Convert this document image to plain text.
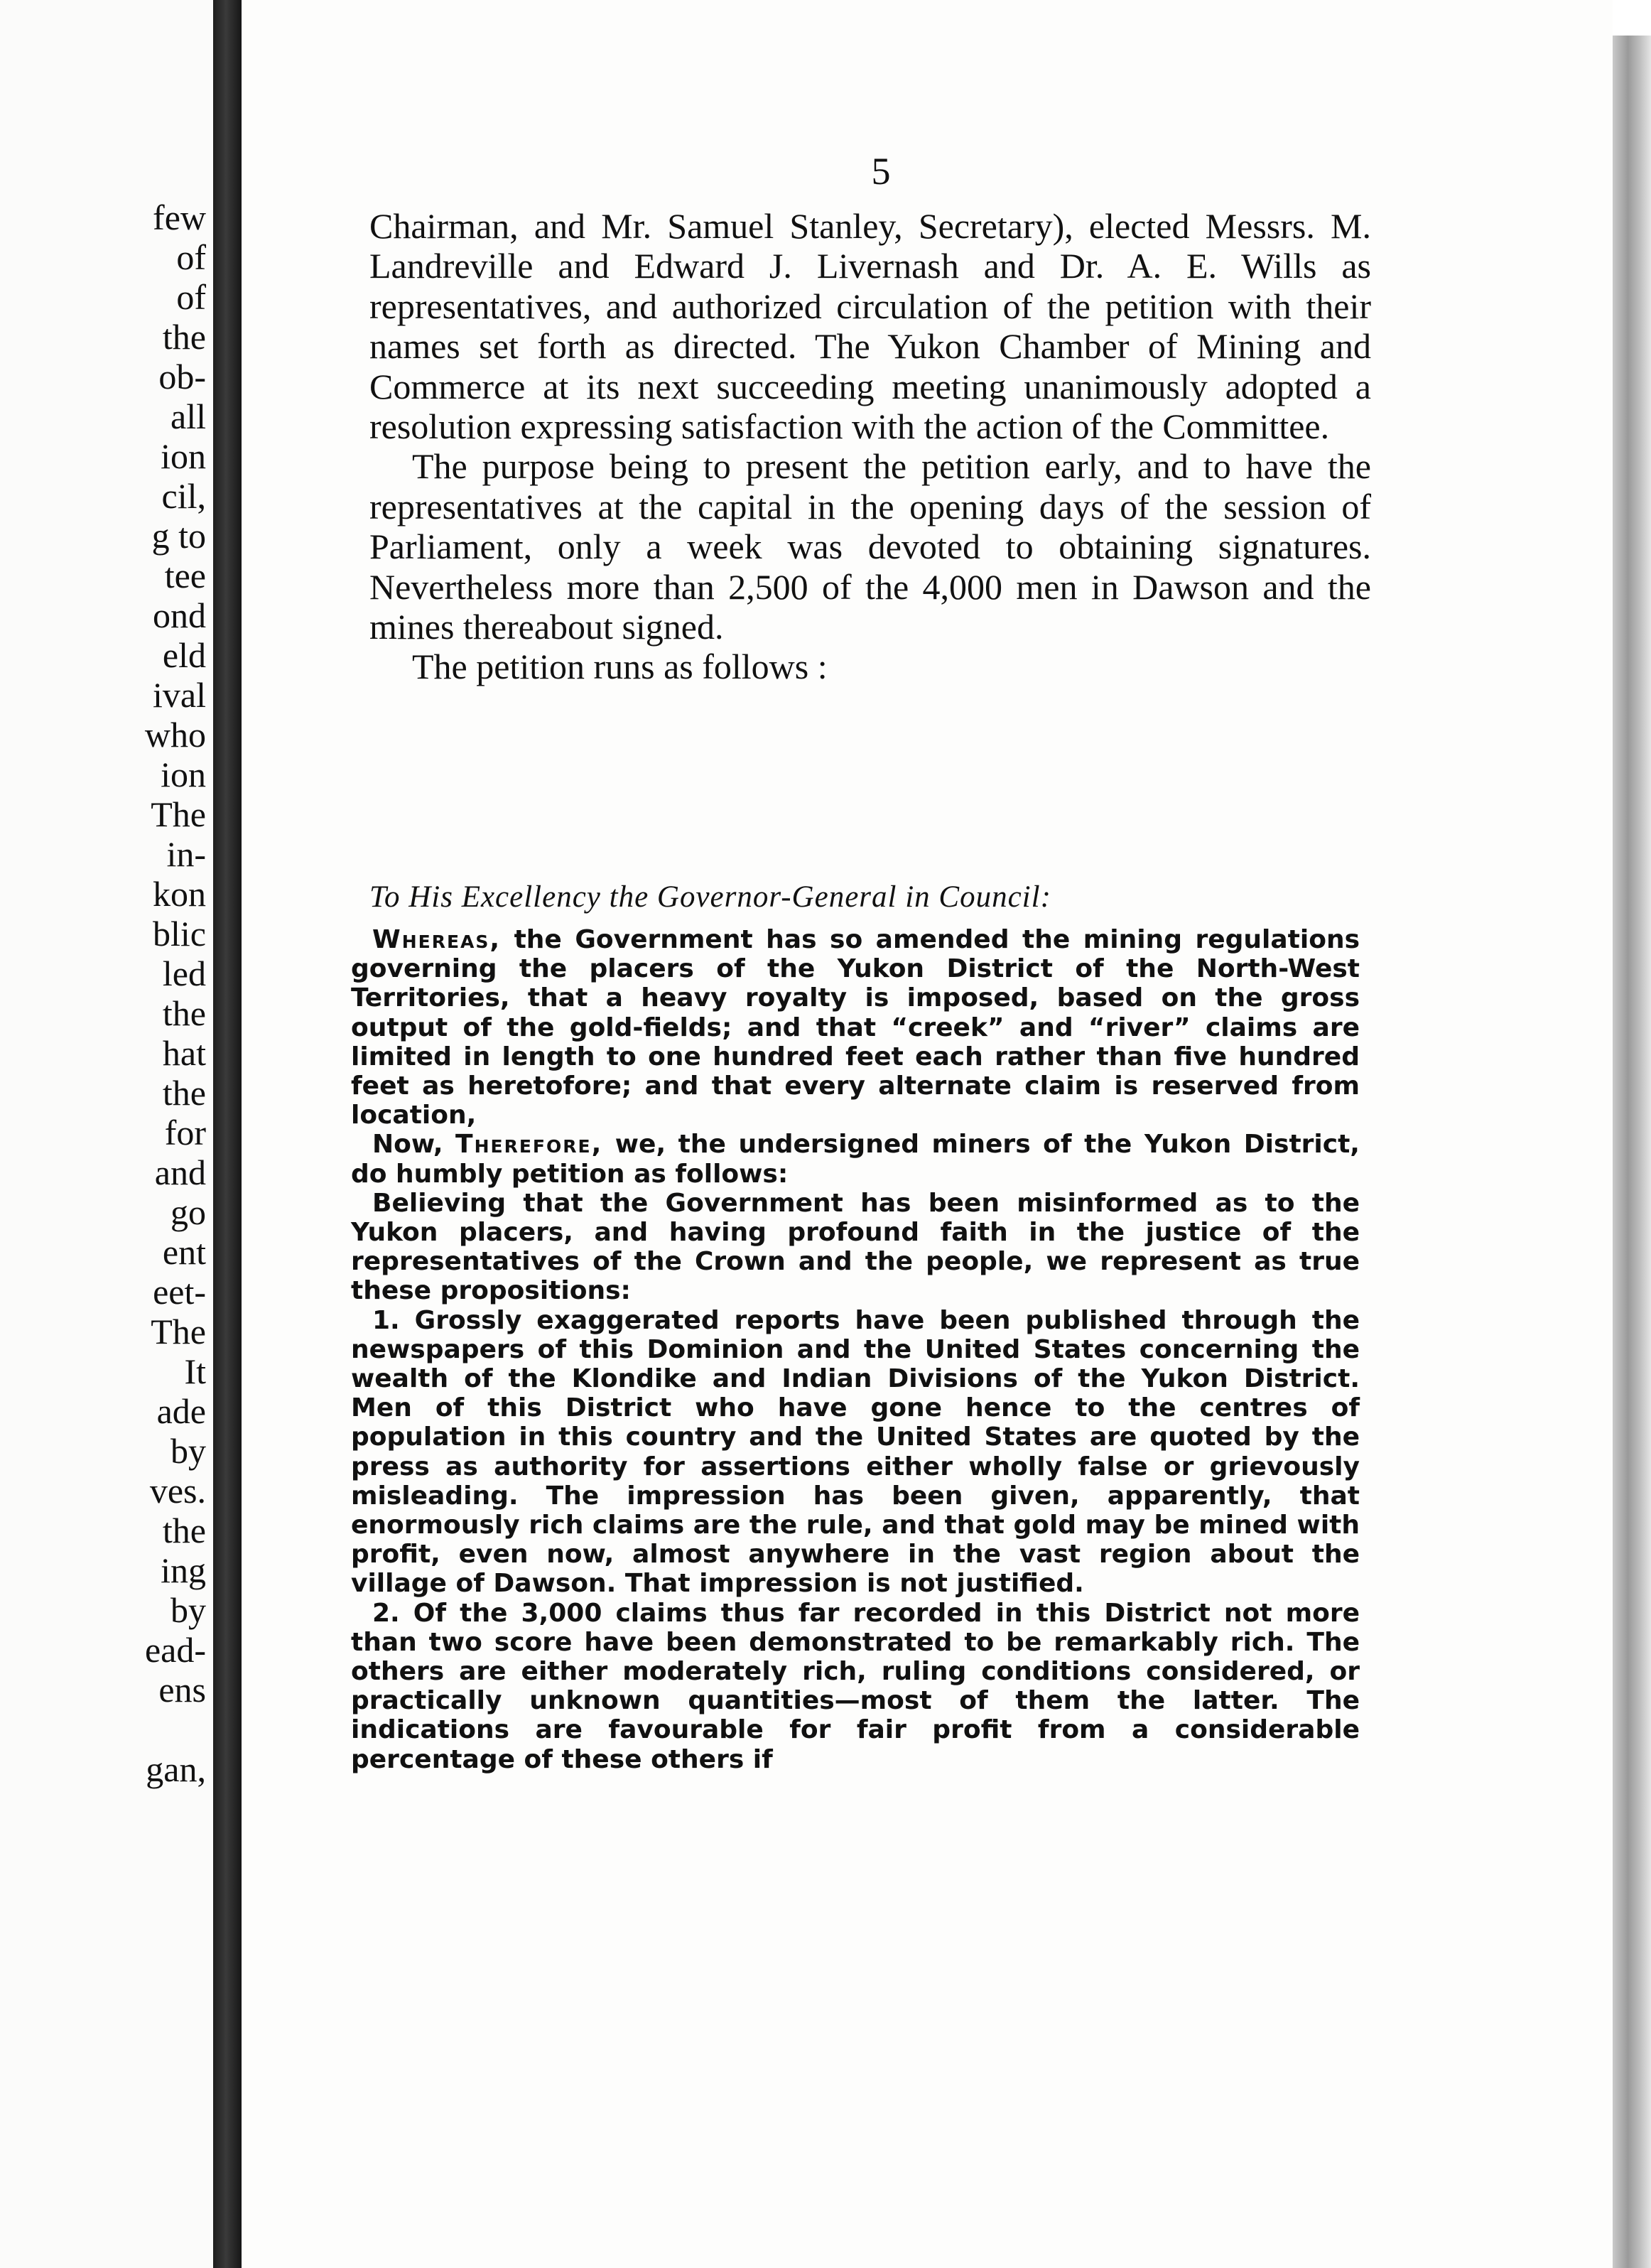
few
of
of
the
ob-
all
ion
cil,
g to
tee
ond
eld
ival
who
ion
The
in-
kon
blic
led
the
hat
the
for
and
go
ent
eet-
The
It
ade
by
ves.
the
ing
by
ead-
ens

gan,
5

Chairman, and Mr. Samuel Stanley, Secretary), elected Messrs. M. Landreville and Edward J. Livernash and Dr. A. E. Wills as representatives, and authorized circulation of the petition with their names set forth as directed. The Yukon Chamber of Mining and Commerce at its next succeeding meeting unanimously adopted a resolution expressing satisfaction with the action of the Committee.

The purpose being to present the petition early, and to have the representatives at the capital in the opening days of the session of Parliament, only a week was devoted to obtaining signatures. Nevertheless more than 2,500 of the 4,000 men in Dawson and the mines thereabout signed.

The petition runs as follows :

To His Excellency the Governor-General in Council:

Whereas, the Government has so amended the mining regulations governing the placers of the Yukon District of the North-West Territories, that a heavy royalty is imposed, based on the gross output of the gold-fields; and that “creek” and “river” claims are limited in length to one hundred feet each rather than five hundred feet as heretofore; and that every alternate claim is reserved from location,

Now, Therefore, we, the undersigned miners of the Yukon District, do humbly petition as follows:

Believing that the Government has been misinformed as to the Yukon placers, and having profound faith in the justice of the representatives of the Crown and the people, we represent as true these propositions:

1. Grossly exaggerated reports have been published through the newspapers of this Dominion and the United States concerning the wealth of the Klondike and Indian Divisions of the Yukon District. Men of this District who have gone hence to the centres of population in this country and the United States are quoted by the press as authority for assertions either wholly false or grievously misleading. The impression has been given, apparently, that enormously rich claims are the rule, and that gold may be mined with profit, even now, almost anywhere in the vast region about the village of Dawson. That impression is not justified.

2. Of the 3,000 claims thus far recorded in this District not more than two score have been demonstrated to be remarkably rich. The others are either moderately rich, ruling conditions considered, or practically unknown quantities—most of them the latter. The indications are favourable for fair profit from a considerable percentage of these others if
